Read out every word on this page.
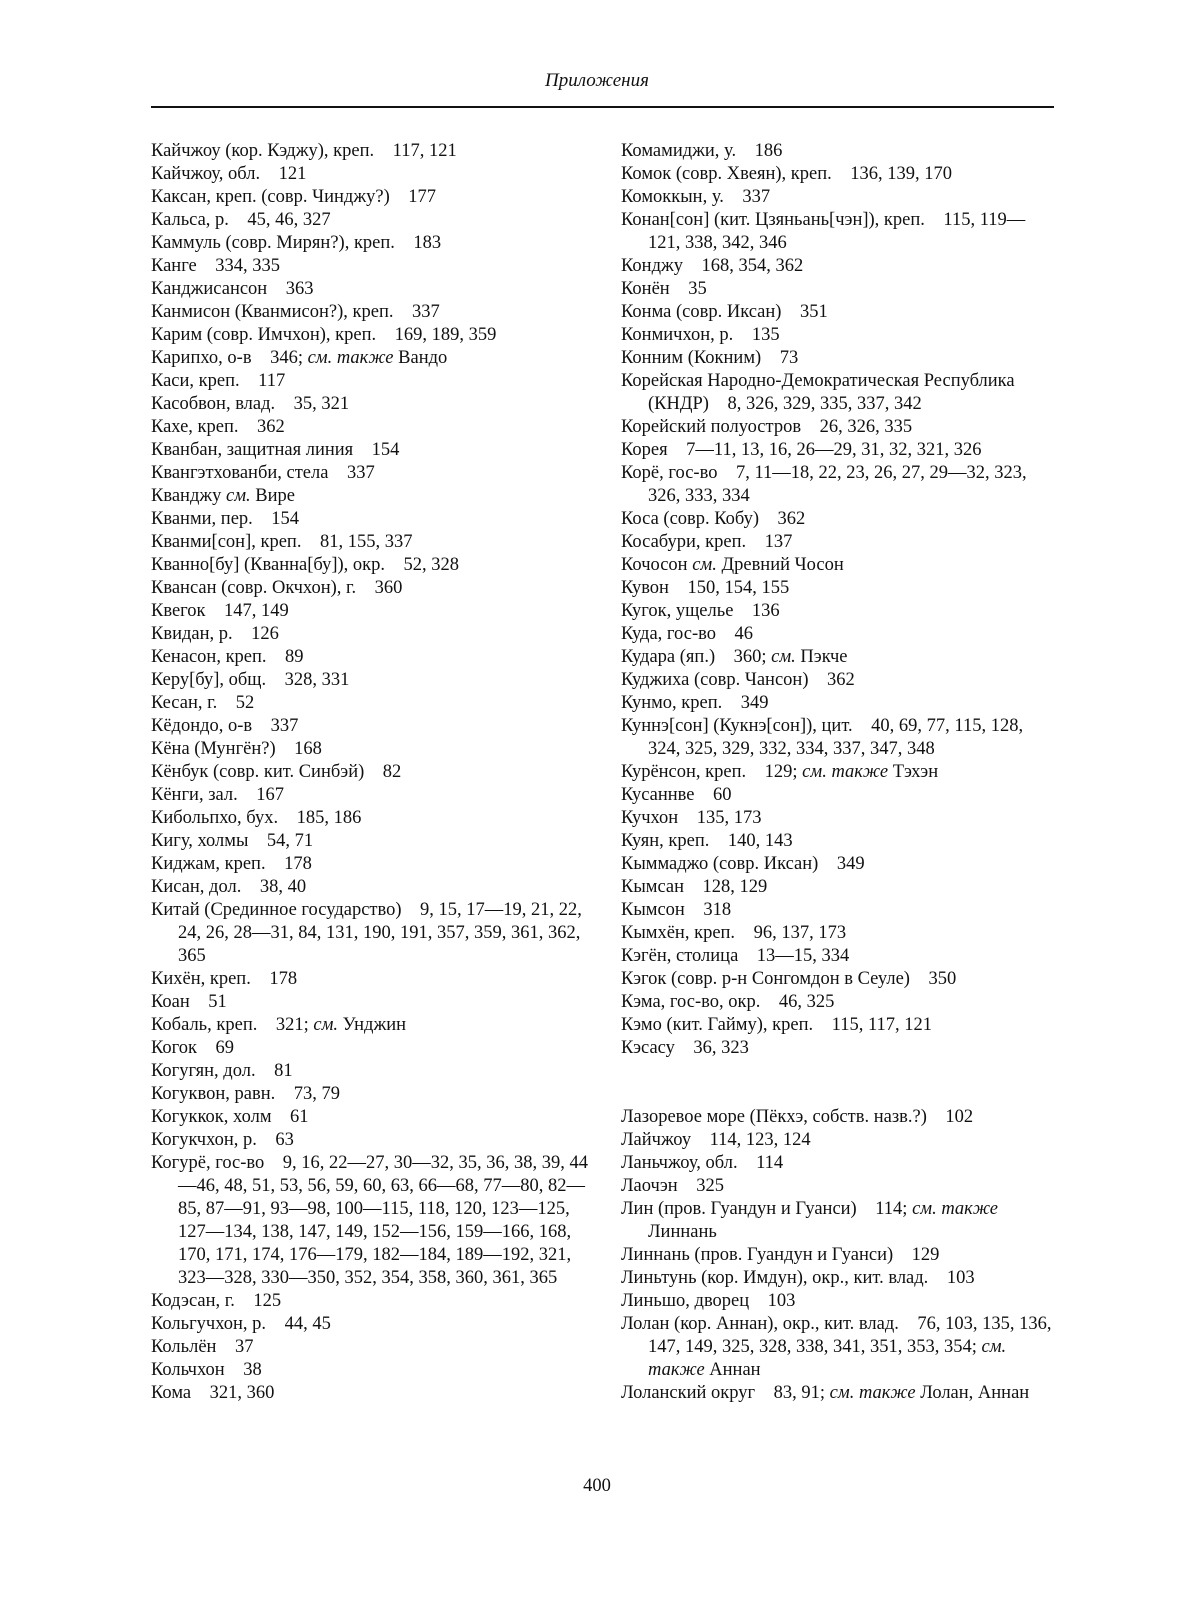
Приложения

Кайчжоу (кор. Кэджу), креп.   117, 121

Кайчжоу, обл.   121

Каксан, креп. (совр. Чинджу?)   177

Кальса, р.   45, 46, 327

Каммуль (совр. Мирян?), креп.   183

Канге   334, 335

Канджисансон   363

Канмисон (Кванмисон?), креп.   337

Карим (совр. Имчхон), креп.   169, 189, 359

Карипхо, о-в   346; см. также Вандо

Каси, креп.   117

Касобвон, влад.   35, 321

Кахе, креп.   362

Кванбан, защитная линия   154

Квангэтхованби, стела   337

Кванджу см. Вире

Кванми, пер.   154

Кванми[сон], креп.   81, 155, 337

Кванно[бу] (Кванна[бу]), окр.   52, 328

Квансан (совр. Окчхон), г.   360

Квегок   147, 149

Квидан, р.   126

Кенасон, креп.   89

Керу[бу], общ.   328, 331

Кесан, г.   52

Кёдондо, о-в   337

Кёна (Мунгён?)   168

Кёнбук (совр. кит. Синбэй)   82

Кёнги, зал.   167

Кибольпхо, бух.   185, 186

Кигу, холмы   54, 71

Киджам, креп.   178

Кисан, дол.   38, 40

Китай (Срединное государство)   9, 15, 17—19, 21, 22, 24, 26, 28—31, 84, 131, 190, 191, 357, 359, 361, 362, 365

Кихён, креп.   178

Коан   51

Кобаль, креп.   321; см. Унджин

Когок   69

Когугян, дол.   81

Когуквон, равн.   73, 79

Когуккок, холм   61

Когукчхон, р.   63

Когурё, гос-во   9, 16, 22—27, 30—32, 35, 36, 38, 39, 44—46, 48, 51, 53, 56, 59, 60, 63, 66—68, 77—80, 82—85, 87—91, 93—98, 100—115, 118, 120, 123—125, 127—134, 138, 147, 149, 152—156, 159—166, 168, 170, 171, 174, 176—179, 182—184, 189—192, 321, 323—328, 330—350, 352, 354, 358, 360, 361, 365

Кодэсан, г.   125

Кольгучхон, р.   44, 45

Кольлён   37

Кольчхон   38

Кома   321, 360

Комамиджи, у.   186

Комок (совр. Хвеян), креп.   136, 139, 170

Комоккын, у.   337

Конан[сон] (кит. Цзяньань[чэн]), креп.   115, 119—121, 338, 342, 346

Конджу   168, 354, 362

Конён   35

Конма (совр. Иксан)   351

Конмичхон, р.   135

Конним (Кокним)   73

Корейская Народно-Демократическая Республика (КНДР)   8, 326, 329, 335, 337, 342

Корейский полуостров   26, 326, 335

Корея   7—11, 13, 16, 26—29, 31, 32, 321, 326

Корё, гос-во   7, 11—18, 22, 23, 26, 27, 29—32, 323, 326, 333, 334

Коса (совр. Кобу)   362

Косабури, креп.   137

Кочосон см. Древний Чосон

Кувон   150, 154, 155

Кугок, ущелье   136

Куда, гос-во   46

Кудара (яп.)   360; см. Пэкче

Куджиха (совр. Чансон)   362

Кунмо, креп.   349

Куннэ[сон] (Кукнэ[сон]), цит.   40, 69, 77, 115, 128, 324, 325, 329, 332, 334, 337, 347, 348

Курёнсон, креп.   129; см. также Тэхэн

Кусаннве   60

Кучхон   135, 173

Куян, креп.   140, 143

Кыммаджо (совр. Иксан)   349

Кымсан   128, 129

Кымсон   318

Кымхён, креп.   96, 137, 173

Кэгён, столица   13—15, 334

Кэгок (совр. р-н Сонгомдон в Сеуле)   350

Кэма, гос-во, окр.   46, 325

Кэмо (кит. Гайму), креп.   115, 117, 121

Кэсасу   36, 323

Лазоревое море (Пёкхэ, собств. назв.?)   102

Лайчжоу   114, 123, 124

Ланьчжоу, обл.   114

Лаочэн   325

Лин (пров. Гуандун и Гуанси)   114; см. также Линнань

Линнань (пров. Гуандун и Гуанси)   129

Линьтунь (кор. Имдун), окр., кит. влад.   103

Линьшо, дворец   103

Лолан (кор. Аннан), окр., кит. влад.   76, 103, 135, 136, 147, 149, 325, 328, 338, 341, 351, 353, 354; см. также Аннан

Лоланский округ   83, 91; см. также Лолан, Аннан

400
